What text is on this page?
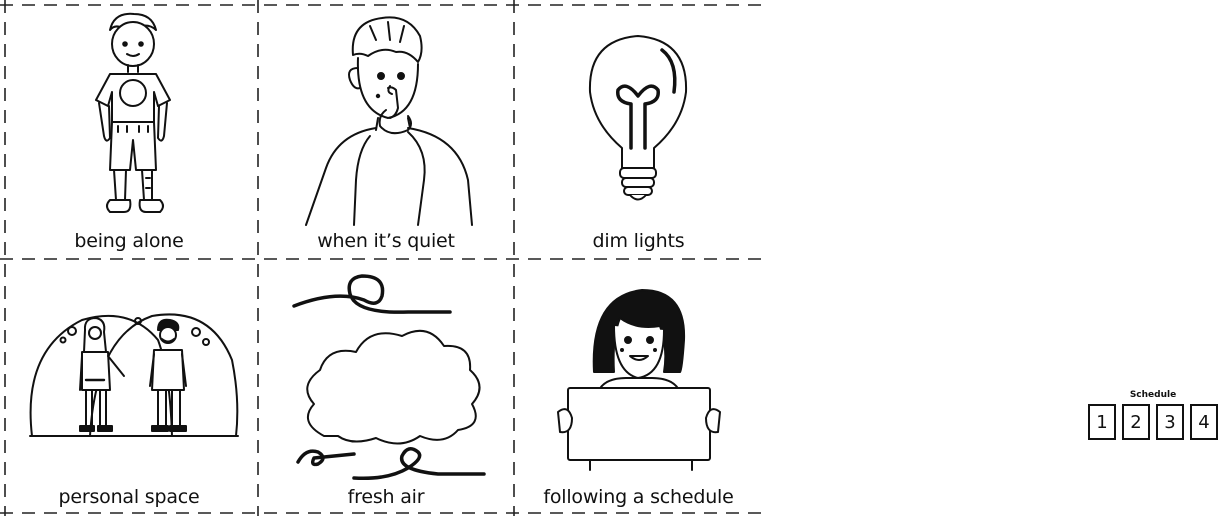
being alone	when it’s quiet	dim lights
personal space	fresh air
Schedule
1	2	3	4
following a schedule
